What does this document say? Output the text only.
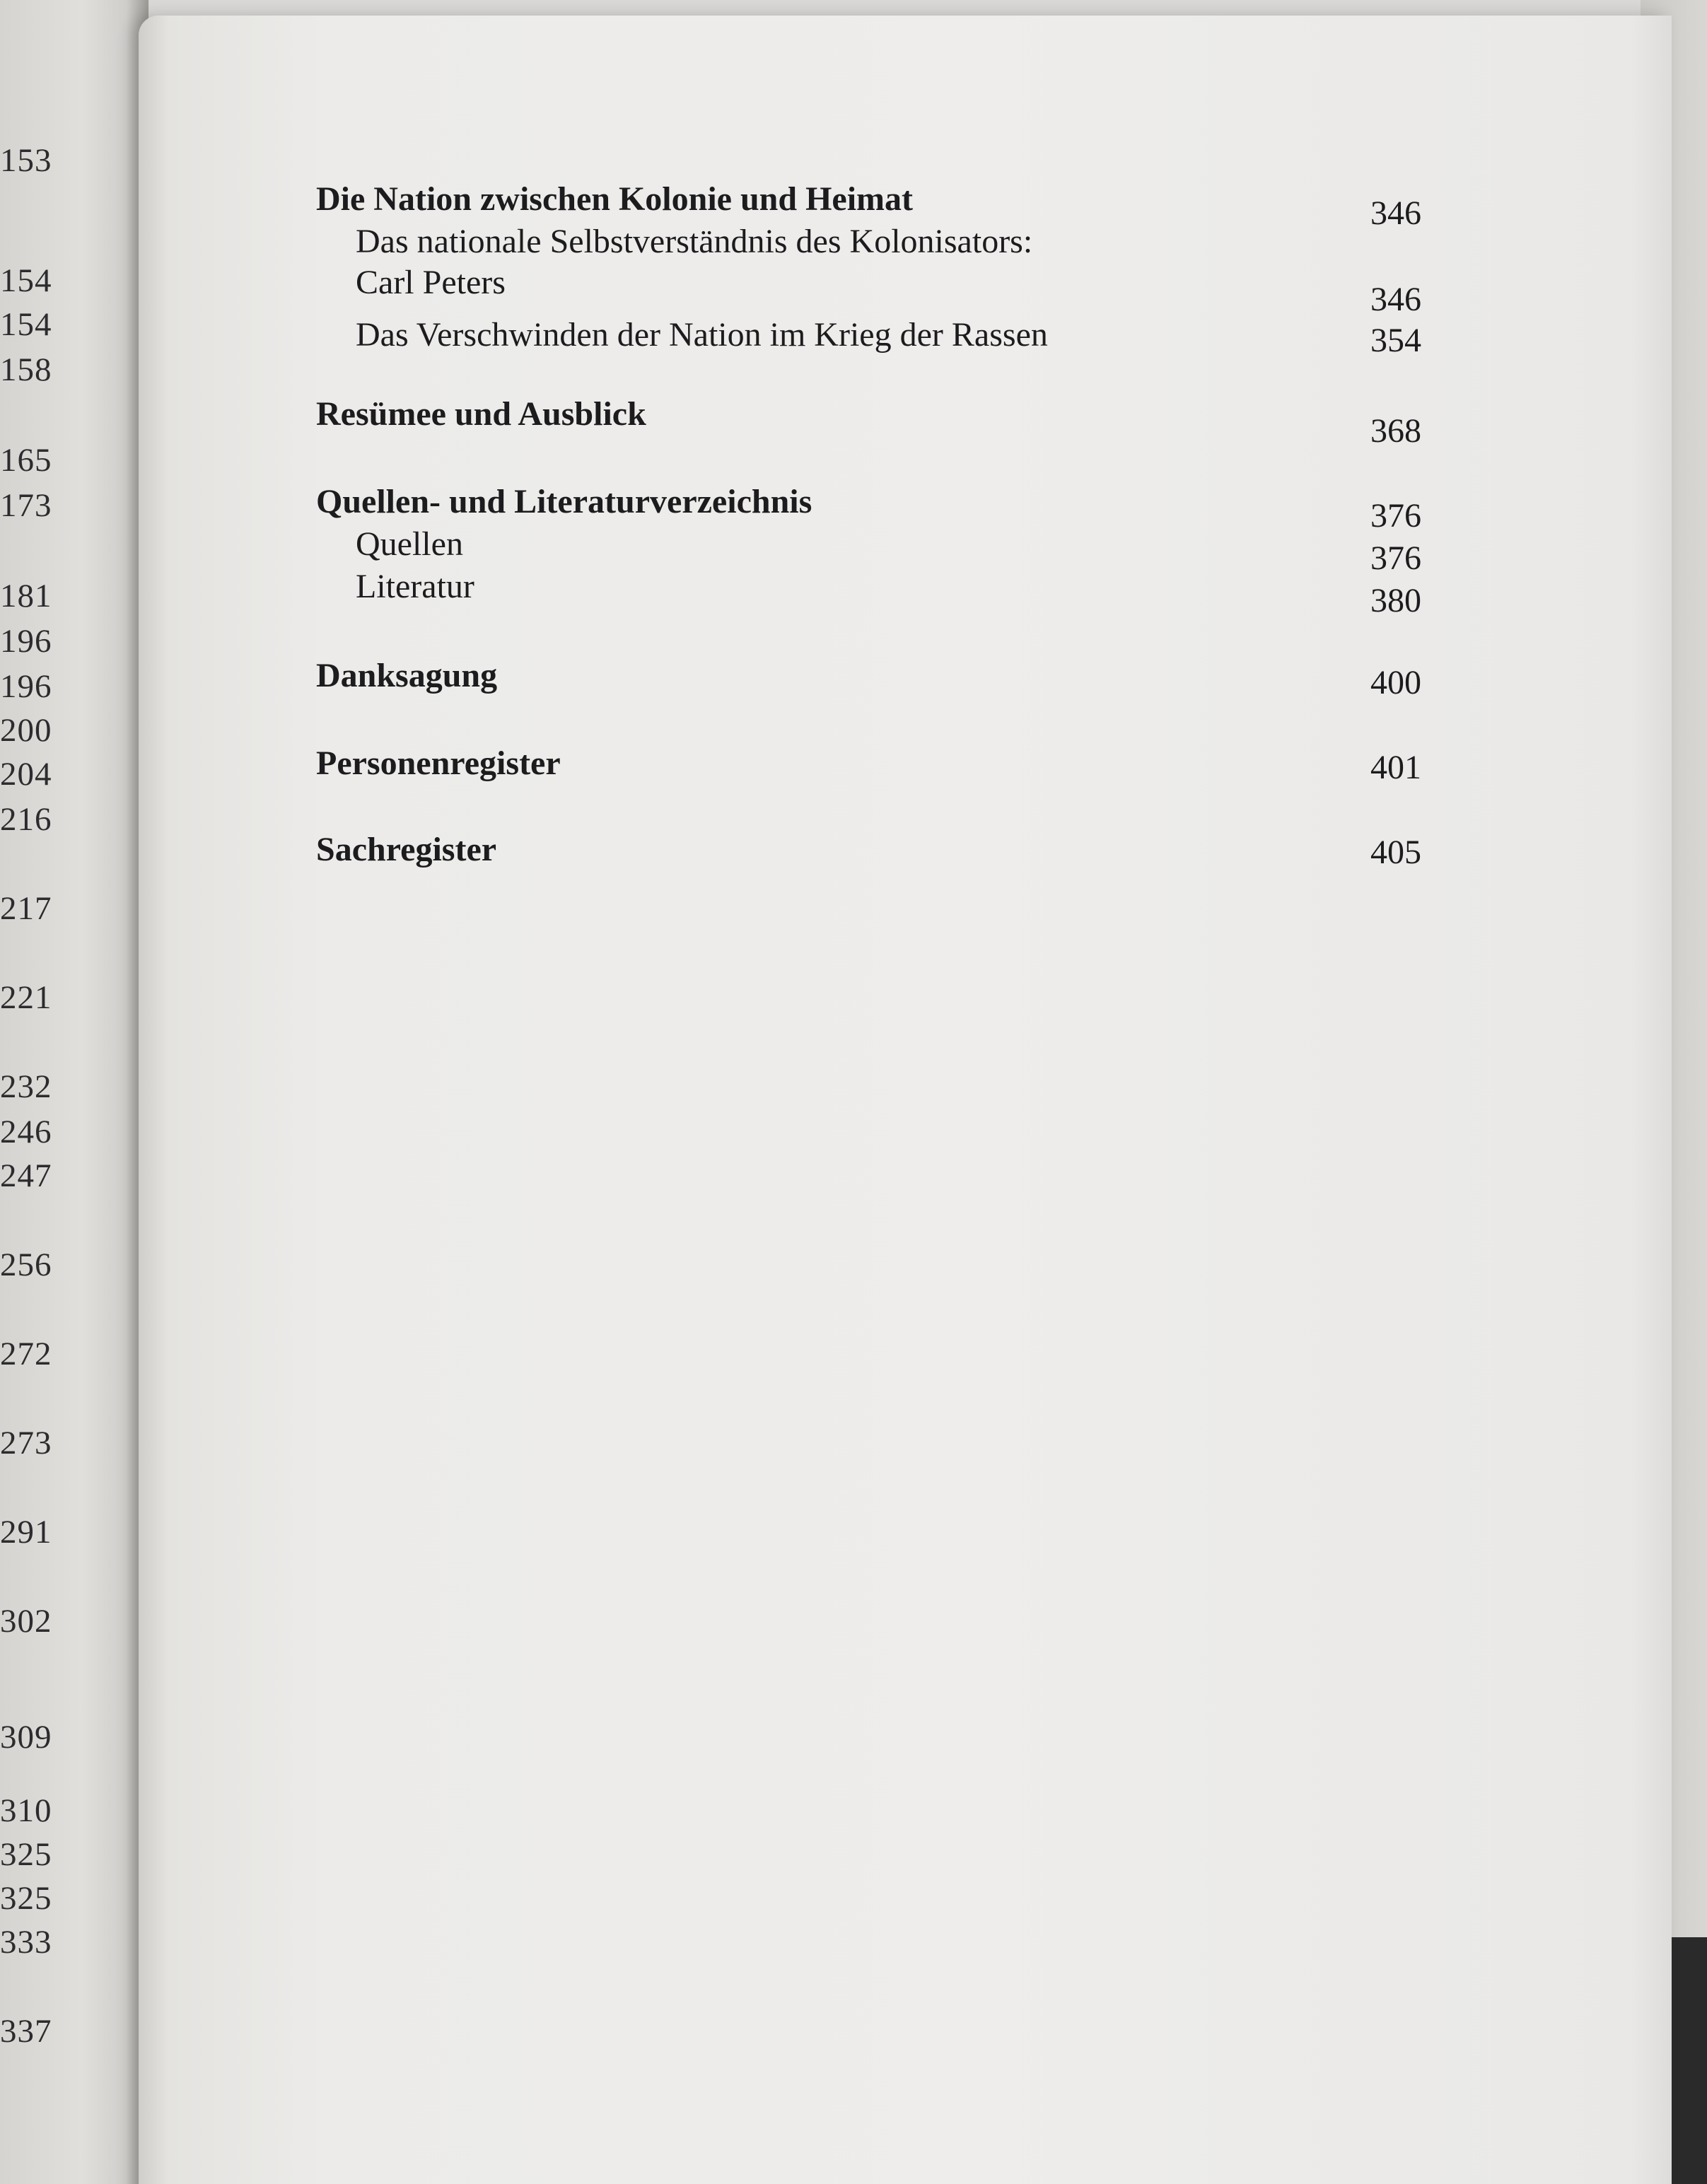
153
154
154
158
165
173
181
196
196
200
204
216
217
221
232
246
247
256
272
273
291
302
309
310
325
325
333
337
Die Nation zwischen Kolonie und Heimat	346
Das nationale Selbstverständnis des Kolonisators:
Carl Peters	346
Das Verschwinden der Nation im Krieg der Rassen	354
Resümee und Ausblick	368
Quellen- und Literaturverzeichnis	376
Quellen	376
Literatur	380
Danksagung	400
Personenregister	401
Sachregister	405
